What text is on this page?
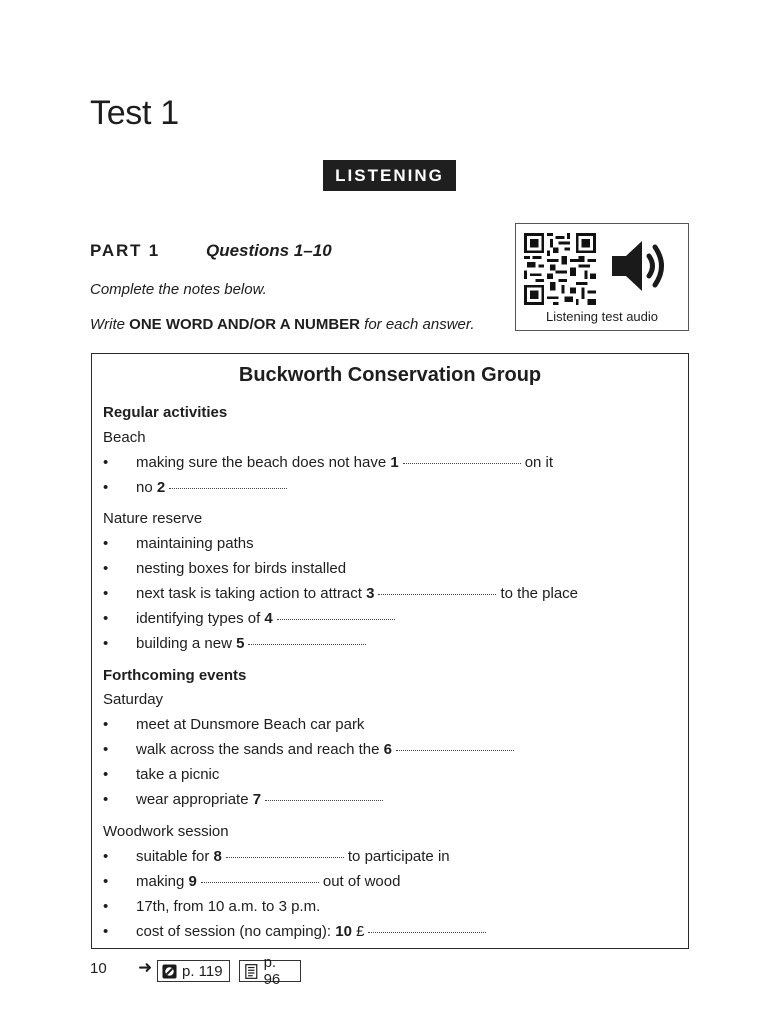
Test 1
LISTENING
PART 1	Questions 1–10
Complete the notes below.
Write ONE WORD AND/OR A NUMBER for each answer.	Listening test audio
Buckworth Conservation Group
Regular activities
Beach
• making sure the beach does not have 1	on it
• no 2
Nature reserve
• maintaining paths
• nesting boxes for birds installed
• next task is taking action to attract 3	to the place
• identifying types of 4
• building a new 5
Forthcoming events
Saturday
• meet at Dunsmore Beach car park
• walk across the sands and reach the 6
• take a picnic
• wear appropriate 7
Woodwork session
• suitable for 8	to participate in
• making 9	out of wood
• 17th, from 10 a.m. to 3 p.m.
• cost of session (no camping): 10 £
10 ➜ p. 119	p. 96
